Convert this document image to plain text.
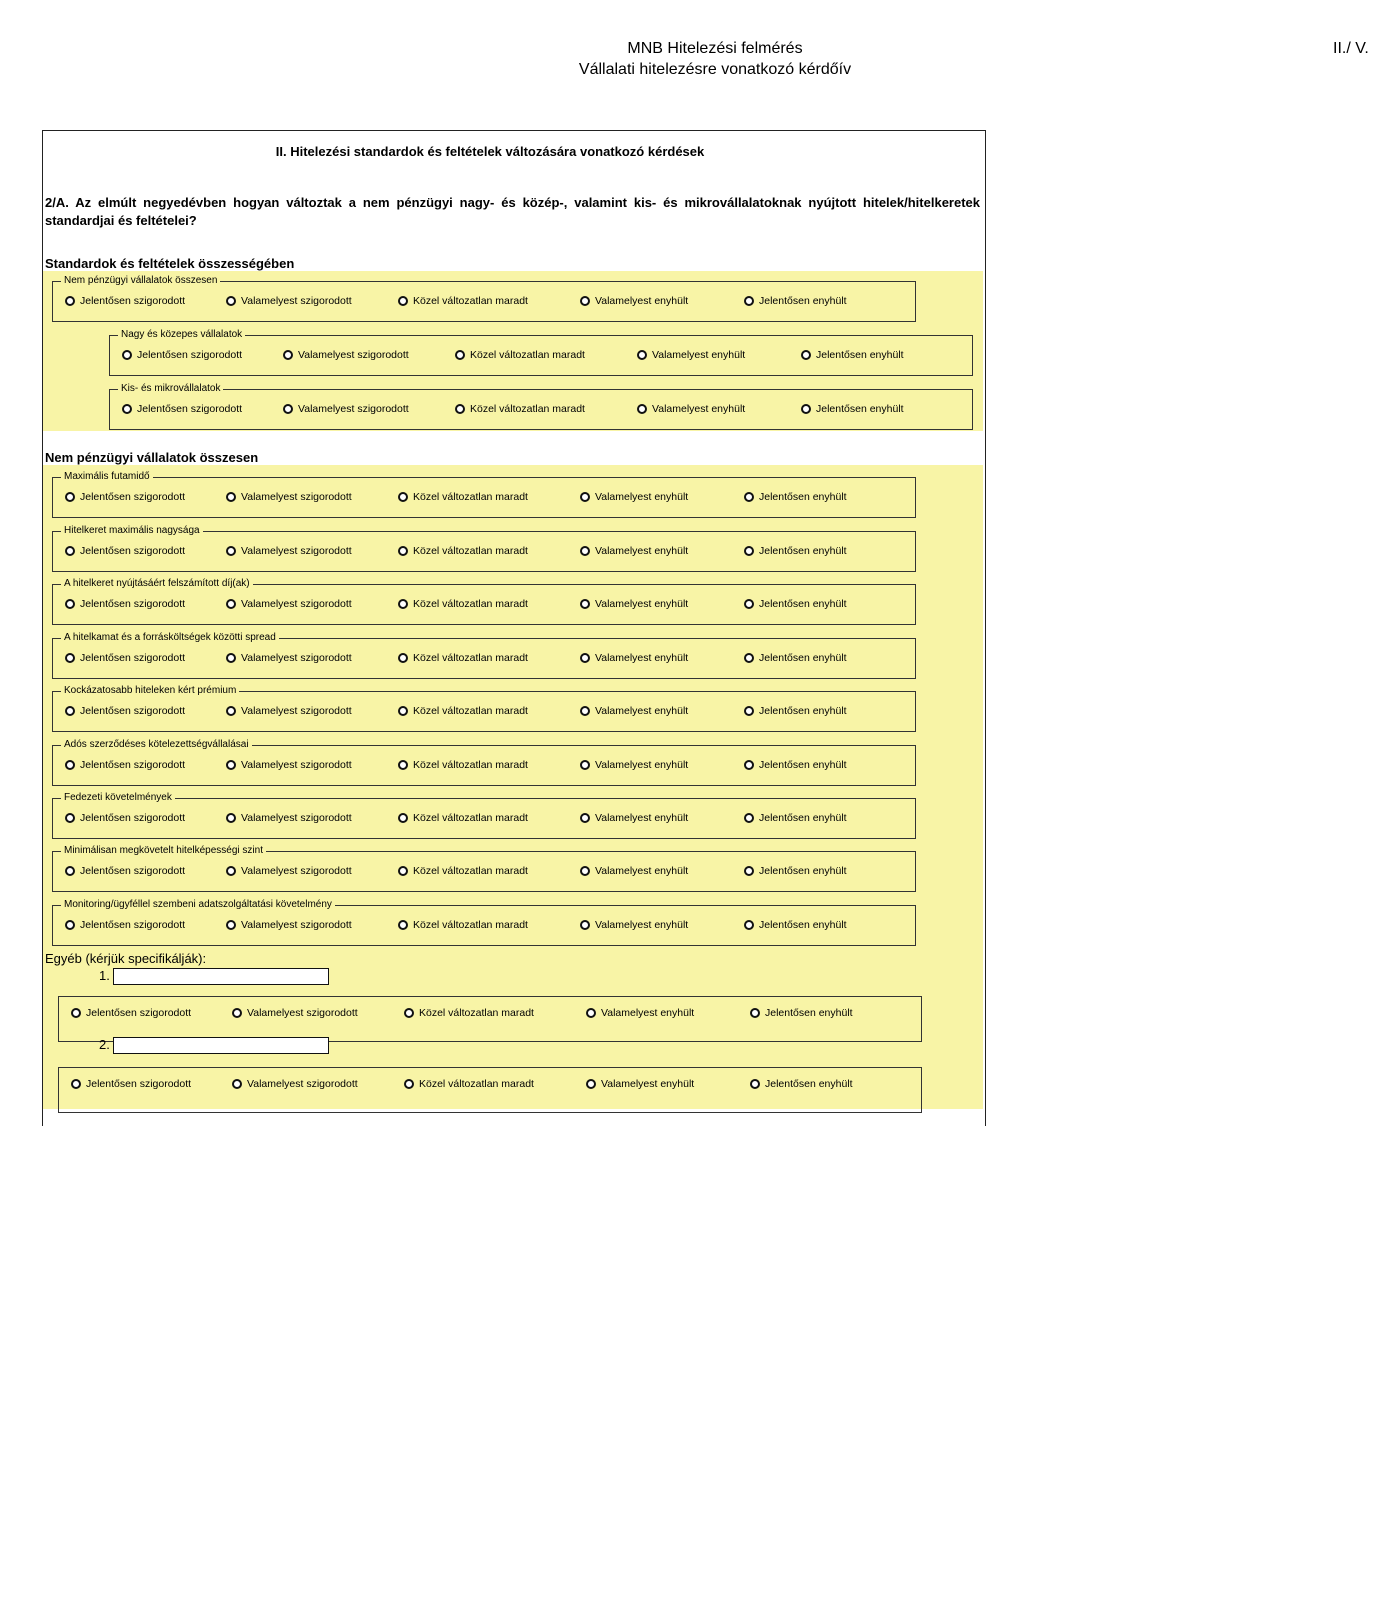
MNB Hitelezési felmérés
Vállalati hitelezésre vonatkozó kérdőív
II./ V.
II. Hitelezési standardok és feltételek változására vonatkozó kérdések
2/A. Az elmúlt negyedévben hogyan változtak a nem pénzügyi nagy- és közép-, valamint kis- és mikrovállalatoknak nyújtott hitelek/hitelkeretek standardjai és feltételei?
Standardok és feltételek összességében
Nem pénzügyi vállalatok összesen
Nem pénzügyi vállalatok összesen
Jelentősen szigorodott	Valamelyest szigorodott	Közel változatlan maradt	Valamelyest enyhült	Jelentősen enyhült
Nagy és közepes vállalatok
Jelentősen szigorodott	Valamelyest szigorodott	Közel változatlan maradt	Valamelyest enyhült	Jelentősen enyhült
Kis- és mikrovállalatok
Jelentősen szigorodott	Valamelyest szigorodott	Közel változatlan maradt	Valamelyest enyhült	Jelentősen enyhült
Maximális futamidő
Jelentősen szigorodott	Valamelyest szigorodott	Közel változatlan maradt	Valamelyest enyhült	Jelentősen enyhült
Hitelkeret maximális nagysága
Jelentősen szigorodott	Valamelyest szigorodott	Közel változatlan maradt	Valamelyest enyhült	Jelentősen enyhült
A hitelkeret nyújtásáért felszámított díj(ak)
Jelentősen szigorodott	Valamelyest szigorodott	Közel változatlan maradt	Valamelyest enyhült	Jelentősen enyhült
A hitelkamat és a forrásköltségek közötti spread
Jelentősen szigorodott	Valamelyest szigorodott	Közel változatlan maradt	Valamelyest enyhült	Jelentősen enyhült
Kockázatosabb hiteleken kért prémium
Jelentősen szigorodott	Valamelyest szigorodott	Közel változatlan maradt	Valamelyest enyhült	Jelentősen enyhült
Adós szerződéses kötelezettségvállalásai
Jelentősen szigorodott	Valamelyest szigorodott	Közel változatlan maradt	Valamelyest enyhült	Jelentősen enyhült
Fedezeti követelmények
Jelentősen szigorodott	Valamelyest szigorodott	Közel változatlan maradt	Valamelyest enyhült	Jelentősen enyhült
Minimálisan megkövetelt hitelképességi szint
Jelentősen szigorodott	Valamelyest szigorodott	Közel változatlan maradt	Valamelyest enyhült	Jelentősen enyhült
Monitoring/ügyféllel szembeni adatszolgáltatási követelmény
Jelentősen szigorodott	Valamelyest szigorodott	Közel változatlan maradt	Valamelyest enyhült	Jelentősen enyhült
Jelentősen szigorodott	Valamelyest szigorodott	Közel változatlan maradt	Valamelyest enyhült	Jelentősen enyhült
Jelentősen szigorodott	Valamelyest szigorodott	Közel változatlan maradt	Valamelyest enyhült	Jelentősen enyhült
Egyéb (kérjük specifikálják):
1.
2.
